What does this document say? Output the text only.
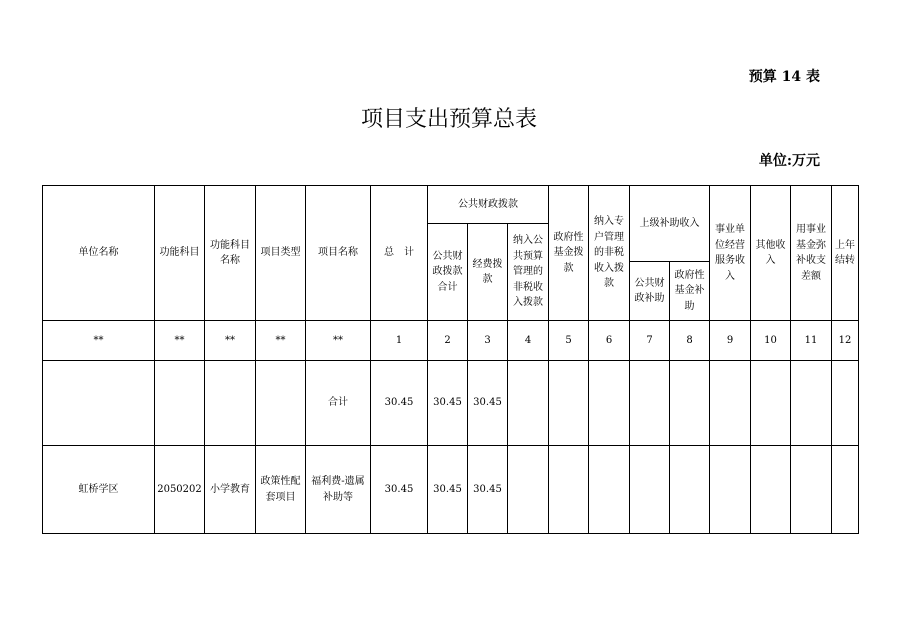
预算 14 表
项目支出预算总表
单位:万元
单位名称	功能科目	功能科目名称	项目类型	项目名称	总　计	公共财政拨款			政府性基金拨款	纳入专户管理的非税收入拨款	上级补助收入		事业单位经营服务收入	其他收入	用事业基金弥补收支差额	上年结转
						公共财政拨款合计	经费拨款	纳入公共预算管理的非税收入拨款								
											公共财政补助	政府性基金补助				
**	**	**	**	**	1	2	3	4	5	6	7	8	9	10	11	12
				合计	30.45	30.45	30.45									
虹桥学区	2050202	小学教育	政策性配套项目	福利费-遗属补助等	30.45	30.45	30.45									
